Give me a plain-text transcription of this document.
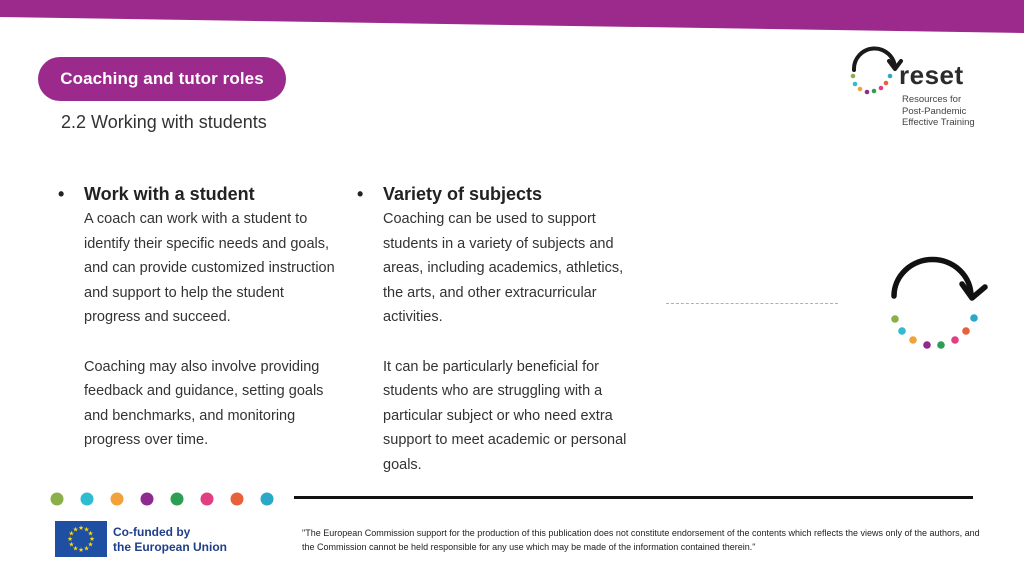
Coaching and tutor roles
2.2 Working with students
reset
Resources for
Post-Pandemic
Effective Training
•	Work with a student
A coach can work with a student to
identify their specific needs and goals,
and can provide customized instruction
and support to help the student
progress and succeed.

Coaching may also involve providing
feedback and guidance, setting goals
and benchmarks, and monitoring
progress over time.
•	Variety of subjects
Coaching can be used to support
students in a variety of subjects and
areas, including academics, athletics,
the arts, and other extracurricular
activities.

It can be particularly beneficial for
students who are struggling with a
particular subject or who need extra
support to meet academic or personal
goals.
★
★
★
★
★
★
★
★
★ ★ ★
★ Co-funded by
the European Union
"The European Commission support for the production of this publication does not constitute endorsement of the contents which reflects the views only of the authors, and the Commission cannot be held responsible for any use which may be made of the information contained therein."
